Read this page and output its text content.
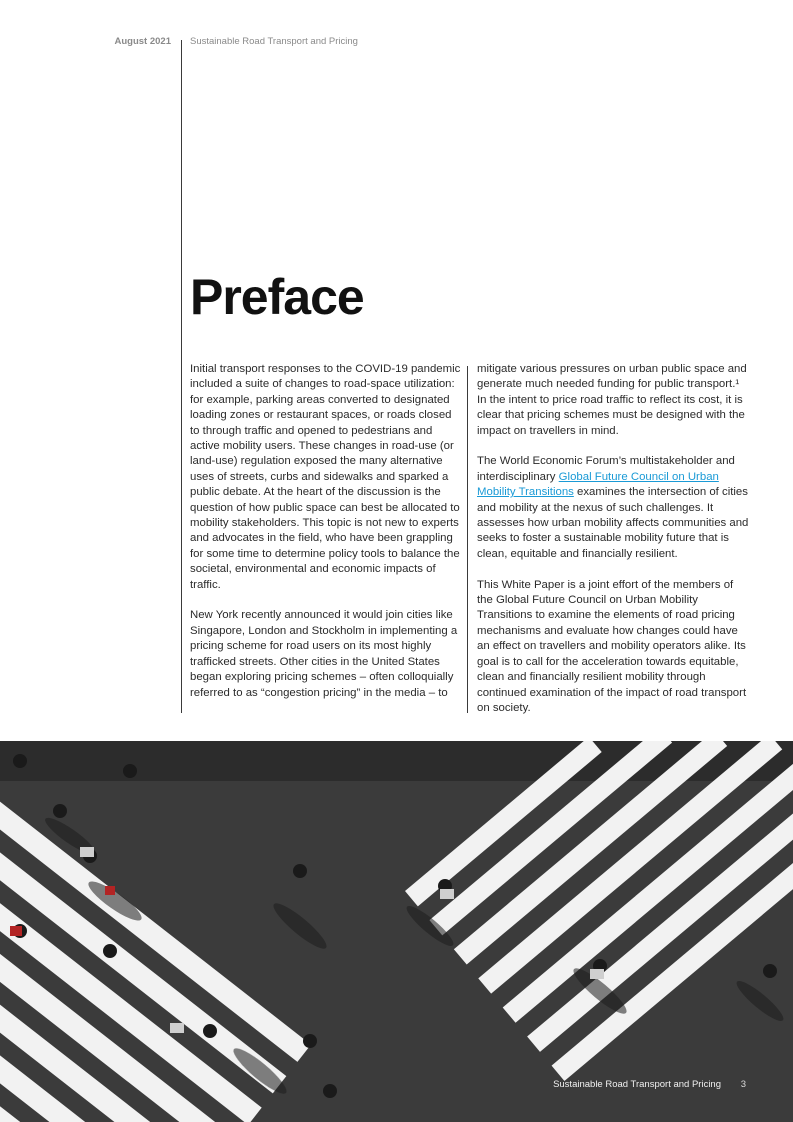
August 2021 Sustainable Road Transport and Pricing
Preface

Initial transport responses to the COVID-19 pandemic included a suite of changes to road-space utilization: for example, parking areas converted to designated loading zones or restaurant spaces, or roads closed to through traffic and opened to pedestrians and active mobility users. These changes in road-use (or land-use) regulation exposed the many alternative uses of streets, curbs and sidewalks and sparked a public debate. At the heart of the discussion is the question of how public space can best be allocated to mobility stakeholders. This topic is not new to experts and advocates in the field, who have been grappling for some time to determine policy tools to balance the societal, environmental and economic impacts of traffic.

New York recently announced it would join cities like Singapore, London and Stockholm in implementing a pricing scheme for road users on its most highly trafficked streets. Other cities in the United States began exploring pricing schemes – often colloquially referred to as “congestion pricing” in the media – to

mitigate various pressures on urban public space and generate much needed funding for public transport.¹ In the intent to price road traffic to reflect its cost, it is clear that pricing schemes must be designed with the impact on travellers in mind.

The World Economic Forum’s multistakeholder and interdisciplinary Global Future Council on Urban Mobility Transitions examines the intersection of cities and mobility at the nexus of such challenges. It assesses how urban mobility affects communities and seeks to foster a sustainable mobility future that is clean, equitable and financially resilient.

This White Paper is a joint effort of the members of the Global Future Council on Urban Mobility Transitions to examine the elements of road pricing mechanisms and evaluate how changes could have an effect on travellers and mobility operators alike. Its goal is to call for the acceleration towards equitable, clean and financially resilient mobility through continued examination of the impact of road transport on society.

Sustainable Road Transport and Pricing 3
